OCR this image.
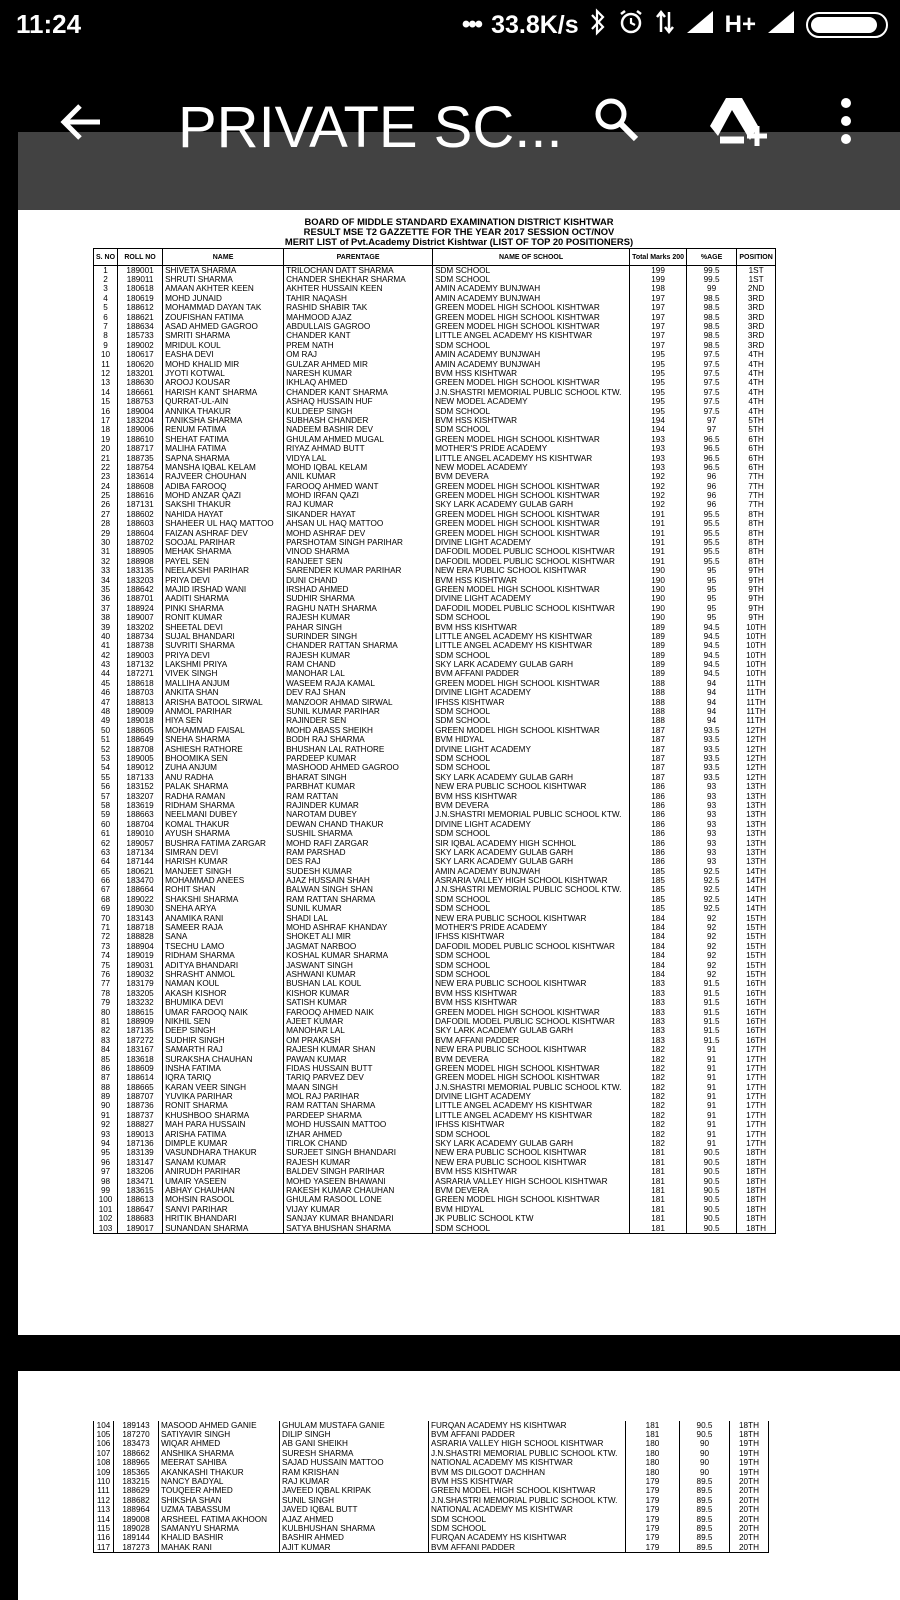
11:24	••• 33.8K/s	H+
PRIVATE SC...
BOARD OF MIDDLE STANDARD EXAMINATION DISTRICT KISHTWAR
RESULT MSE T2 GAZZETTE FOR THE YEAR 2017 SESSION OCT/NOV
MERIT LIST of Pvt.Academy District Kishtwar (LIST OF TOP 20 POSITIONERS)
S. NO	ROLL NO	NAME	PARENTAGE	NAME OF SCHOOL	Total Marks 200	%AGE	POSITION
1	189001	SHIVETA SHARMA	TRILOCHAN DATT SHARMA	SDM SCHOOL	199	99.5	1ST
2	189011	SHRUTI SHARMA	CHANDER SHEKHAR SHARMA	SDM SCHOOL	199	99.5	1ST
3	180618	AMAAN AKHTER KEEN	AKHTER HUSSAIN KEEN	AMIN ACADEMY BUNJWAH	198	99	2ND
4	180619	MOHD JUNAID	TAHIR NAQASH	AMIN ACADEMY BUNJWAH	197	98.5	3RD
5	188612	MOHAMMAD DAYAN TAK	RASHID SHABIR TAK	GREEN MODEL HIGH SCHOOL KISHTWAR	197	98.5	3RD
6	188621	ZOUFISHAN FATIMA	MAHMOOD AJAZ	GREEN MODEL HIGH SCHOOL KISHTWAR	197	98.5	3RD
7	188634	ASAD AHMED GAGROO	ABDULLAIS GAGROO	GREEN MODEL HIGH SCHOOL KISHTWAR	197	98.5	3RD
8	185733	SMRITI SHARMA	CHANDER KANT	LITTLE ANGEL ACADEMY HS KISHTWAR	197	98.5	3RD
9	189002	MRIDUL KOUL	PREM NATH	SDM SCHOOL	197	98.5	3RD
10	180617	EASHA DEVI	OM RAJ	AMIN ACADEMY BUNJWAH	195	97.5	4TH
11	180620	MOHD KHALID MIR	GULZAR AHMED MIR	AMIN ACADEMY BUNJWAH	195	97.5	4TH
12	183201	JYOTI KOTWAL	NARESH KUMAR	BVM HSS KISHTWAR	195	97.5	4TH
13	188630	AROOJ KOUSAR	IKHLAQ AHMED	GREEN MODEL HIGH SCHOOL KISHTWAR	195	97.5	4TH
14	186661	HARISH KANT SHARMA	CHANDER KANT SHARMA	J.N.SHASTRI MEMORIAL PUBLIC SCHOOL KTW.	195	97.5	4TH
15	188753	QURRAT-UL-AIN	ASHAQ HUSSAIN HUF	NEW MODEL ACADEMY	195	97.5	4TH
16	189004	ANNIKA THAKUR	KULDEEP SINGH	SDM SCHOOL	195	97.5	4TH
17	183204	TANIKSHA SHARMA	SUBHASH CHANDER	BVM HSS KISHTWAR	194	97	5TH
18	189006	RENUM FATIMA	NADEEM BASHIR DEV	SDM SCHOOL	194	97	5TH
19	188610	SHEHAT FATIMA	GHULAM AHMED MUGAL	GREEN MODEL HIGH SCHOOL KISHTWAR	193	96.5	6TH
20	188717	MALIHA FATIMA	RIYAZ AHMAD BUTT	MOTHER'S PRIDE ACADEMY	193	96.5	6TH
21	188735	SAPNA SHARMA	VIDYA LAL	LITTLE ANGEL ACADEMY HS KISHTWAR	193	96.5	6TH
22	188754	MANSHA IQBAL KELAM	MOHD IQBAL KELAM	NEW MODEL ACADEMY	193	96.5	6TH
23	183614	RAJVEER CHOUHAN	ANIL KUMAR	BVM DEVERA	192	96	7TH
24	188608	ADIBA FAROOQ	FAROOQ AHMED WANT	GREEN MODEL HIGH SCHOOL KISHTWAR	192	96	7TH
25	188616	MOHD ANZAR QAZI	MOHD IRFAN QAZI	GREEN MODEL HIGH SCHOOL KISHTWAR	192	96	7TH
26	187131	SAKSHI THAKUR	RAJ KUMAR	SKY LARK ACADEMY GULAB GARH	192	96	7TH
27	188602	NAHIDA HAYAT	SIKANDER HAYAT	GREEN MODEL HIGH SCHOOL KISHTWAR	191	95.5	8TH
28	188603	SHAHEER UL HAQ MATTOO	AHSAN UL HAQ MATTOO	GREEN MODEL HIGH SCHOOL KISHTWAR	191	95.5	8TH
29	188604	FAIZAN ASHRAF DEV	MOHD ASHRAF DEV	GREEN MODEL HIGH SCHOOL KISHTWAR	191	95.5	8TH
30	188702	SOOJAL PARIHAR	PARSHOTAM SINGH PARIHAR	DIVINE LIGHT ACADEMY	191	95.5	8TH
31	188905	MEHAK SHARMA	VINOD SHARMA	DAFODIL MODEL PUBLIC SCHOOL KISHTWAR	191	95.5	8TH
32	188908	PAYEL SEN	RANJEET SEN	DAFODIL MODEL PUBLIC SCHOOL KISHTWAR	191	95.5	8TH
33	183135	NEELAKSHI PARIHAR	SARENDER KUMAR PARIHAR	NEW ERA PUBLIC SCHOOL KISHTWAR	190	95	9TH
34	183203	PRIYA DEVI	DUNI CHAND	BVM HSS KISHTWAR	190	95	9TH
35	188642	MAJID IRSHAD WANI	IRSHAD AHMED	GREEN MODEL HIGH SCHOOL KISHTWAR	190	95	9TH
36	188701	AADITI SHARMA	SUDHIR SHARMA	DIVINE LIGHT ACADEMY	190	95	9TH
37	188924	PINKI SHARMA	RAGHU NATH SHARMA	DAFODIL MODEL PUBLIC SCHOOL KISHTWAR	190	95	9TH
38	189007	RONIT KUMAR	RAJESH KUMAR	SDM SCHOOL	190	95	9TH
39	183202	SHEETAL DEVI	PAHAR SINGH	BVM HSS KISHTWAR	189	94.5	10TH
40	188734	SUJAL BHANDARI	SURINDER SINGH	LITTLE ANGEL ACADEMY HS KISHTWAR	189	94.5	10TH
41	188738	SUVRITI SHARMA	CHANDER RATTAN SHARMA	LITTLE ANGEL ACADEMY HS KISHTWAR	189	94.5	10TH
42	189003	PRIYA DEVI	RAJESH KUMAR	SDM SCHOOL	189	94.5	10TH
43	187132	LAKSHMI PRIYA	RAM CHAND	SKY LARK ACADEMY GULAB GARH	189	94.5	10TH
44	187271	VIVEK SINGH	MANOHAR LAL	BVM AFFANI PADDER	189	94.5	10TH
45	188618	MALLIHA ANJUM	WASEEM RAJA KAMAL	GREEN MODEL HIGH SCHOOL KISHTWAR	188	94	11TH
46	188703	ANKITA SHAN	DEV RAJ SHAN	DIVINE LIGHT ACADEMY	188	94	11TH
47	188813	ARISHA BATOOL SIRWAL	MANZOOR AHMAD SIRWAL	IFHSS KISHTWAR	188	94	11TH
48	189009	ANMOL PARIHAR	SUNIL KUMAR PARIHAR	SDM SCHOOL	188	94	11TH
49	189018	HIYA SEN	RAJINDER SEN	SDM SCHOOL	188	94	11TH
50	188605	MOHAMMAD FAISAL	MOHD ABASS SHEIKH	GREEN MODEL HIGH SCHOOL KISHTWAR	187	93.5	12TH
51	188649	SNEHA SHARMA	BODH RAJ SHARMA	BVM HIDYAL	187	93.5	12TH
52	188708	ASHIESH RATHORE	BHUSHAN LAL RATHORE	DIVINE LIGHT ACADEMY	187	93.5	12TH
53	189005	BHOOMIKA SEN	PARDEEP KUMAR	SDM SCHOOL	187	93.5	12TH
54	189012	ZUHA ANJUM	MASHOOD AHMED GAGROO	SDM SCHOOL	187	93.5	12TH
55	187133	ANU RADHA	BHARAT SINGH	SKY LARK ACADEMY GULAB GARH	187	93.5	12TH
56	183152	PALAK SHARMA	PARBHAT KUMAR	NEW ERA PUBLIC SCHOOL KISHTWAR	186	93	13TH
57	183207	RADHA RAMAN	RAM RATTAN	BVM HSS KISHTWAR	186	93	13TH
58	183619	RIDHAM SHARMA	RAJINDER KUMAR	BVM DEVERA	186	93	13TH
59	188663	NEELMANI DUBEY	NAROTAM DUBEY	J.N.SHASTRI MEMORIAL PUBLIC SCHOOL KTW.	186	93	13TH
60	188704	KOMAL THAKUR	DEWAN CHAND THAKUR	DIVINE LIGHT ACADEMY	186	93	13TH
61	189010	AYUSH SHARMA	SUSHIL SHARMA	SDM SCHOOL	186	93	13TH
62	189057	BUSHRA FATIMA ZARGAR	MOHD RAFI ZARGAR	SIR IQBAL ACADEMY HIGH SCHHOL	186	93	13TH
63	187134	SIMRAN DEVI	RAM PARSHAD	SKY LARK ACADEMY GULAB GARH	186	93	13TH
64	187144	HARISH KUMAR	DES RAJ	SKY LARK ACADEMY GULAB GARH	186	93	13TH
65	180621	MANJEET SINGH	SUDESH KUMAR	AMIN ACADEMY BUNJWAH	185	92.5	14TH
66	183470	MOHAMMAD ANEES	AJAZ HUSSAIN SHAH	ASRARIA VALLEY HIGH SCHOOL KISHTWAR	185	92.5	14TH
67	188664	ROHIT SHAN	BALWAN SINGH SHAN	J.N.SHASTRI MEMORIAL PUBLIC SCHOOL KTW.	185	92.5	14TH
68	189022	SHAKSHI SHARMA	RAM RATTAN SHARMA	SDM SCHOOL	185	92.5	14TH
69	189030	SNEHA ARYA	SUNIL KUMAR	SDM SCHOOL	185	92.5	14TH
70	183143	ANAMIKA RANI	SHADI LAL	NEW ERA PUBLIC SCHOOL KISHTWAR	184	92	15TH
71	188718	SAMEER RAJA	MOHD ASHRAF KHANDAY	MOTHER'S PRIDE ACADEMY	184	92	15TH
72	188828	SANA	SHOKET ALI MIR	IFHSS KISHTWAR	184	92	15TH
73	188904	TSECHU LAMO	JAGMAT NARBOO	DAFODIL MODEL PUBLIC SCHOOL KISHTWAR	184	92	15TH
74	189019	RIDHAM SHARMA	KOSHAL KUMAR SHARMA	SDM SCHOOL	184	92	15TH
75	189031	ADITYA BHANDARI	JASWANT SINGH	SDM SCHOOL	184	92	15TH
76	189032	SHRASHT ANMOL	ASHWANI KUMAR	SDM SCHOOL	184	92	15TH
77	183179	NAMAN KOUL	BUSHAN LAL KOUL	NEW ERA PUBLIC SCHOOL KISHTWAR	183	91.5	16TH
78	183205	AKASH KISHOR	KISHOR KUMAR	BVM HSS KISHTWAR	183	91.5	16TH
79	183232	BHUMIKA DEVI	SATISH KUMAR	BVM HSS KISHTWAR	183	91.5	16TH
80	188615	UMAR FAROOQ NAIK	FAROOQ AHMED NAIK	GREEN MODEL HIGH SCHOOL KISHTWAR	183	91.5	16TH
81	188909	NIKHIL SEN	AJEET KUMAR	DAFODIL MODEL PUBLIC SCHOOL KISHTWAR	183	91.5	16TH
82	187135	DEEP SINGH	MANOHAR LAL	SKY LARK ACADEMY GULAB GARH	183	91.5	16TH
83	187272	SUDHIR SINGH	OM PRAKASH	BVM AFFANI PADDER	183	91.5	16TH
84	183167	SAMARTH RAJ	RAJESH KUMAR SHAN	NEW ERA PUBLIC SCHOOL KISHTWAR	182	91	17TH
85	183618	SURAKSHA CHAUHAN	PAWAN KUMAR	BVM DEVERA	182	91	17TH
86	188609	INSHA FATIMA	FIDAS HUSSAIN BUTT	GREEN MODEL HIGH SCHOOL KISHTWAR	182	91	17TH
87	188614	IQRA TARIQ	TARIQ PARVEZ DEV	GREEN MODEL HIGH SCHOOL KISHTWAR	182	91	17TH
88	188665	KARAN VEER SINGH	MAAN SINGH	J.N.SHASTRI MEMORIAL PUBLIC SCHOOL KTW.	182	91	17TH
89	188707	YUVIKA PARIHAR	MOL RAJ PARIHAR	DIVINE LIGHT ACADEMY	182	91	17TH
90	188736	RONIT SHARMA	RAM RATTAN SHARMA	LITTLE ANGEL ACADEMY HS KISHTWAR	182	91	17TH
91	188737	KHUSHBOO SHARMA	PARDEEP SHARMA	LITTLE ANGEL ACADEMY HS KISHTWAR	182	91	17TH
92	188827	MAH PARA HUSSAIN	MOHD HUSSAIN MATTOO	IFHSS KISHTWAR	182	91	17TH
93	189013	ARISHA FATIMA	IZHAR AHMED	SDM SCHOOL	182	91	17TH
94	187136	DIMPLE KUMAR	TIRLOK CHAND	SKY LARK ACADEMY GULAB GARH	182	91	17TH
95	183139	VASUNDHARA THAKUR	SURJEET SINGH BHANDARI	NEW ERA PUBLIC SCHOOL KISHTWAR	181	90.5	18TH
96	183147	SANAM KUMAR	RAJESH KUMAR	NEW ERA PUBLIC SCHOOL KISHTWAR	181	90.5	18TH
97	183206	ANIRUDH PARIHAR	BALDEV SINGH PARIHAR	BVM HSS KISHTWAR	181	90.5	18TH
98	183471	UMAIR YASEEN	MOHD YASEEN BHAWANI	ASRARIA VALLEY HIGH SCHOOL KISHTWAR	181	90.5	18TH
99	183615	ABHAY CHAUHAN	RAKESH KUMAR CHAUHAN	BVM DEVERA	181	90.5	18TH
100	188613	MOHSIN RASOOL	GHULAM RASOOL LONE	GREEN MODEL HIGH SCHOOL KISHTWAR	181	90.5	18TH
101	188647	SANVI PARIHAR	VIJAY KUMAR	BVM HIDYAL	181	90.5	18TH
102	188683	HRITIK BHANDARI	SANJAY KUMAR BHANDARI	JK PUBLIC SCHOOL KTW	181	90.5	18TH
103	189017	SUNANDAN SHARMA	SATYA BHUSHAN SHARMA	SDM SCHOOL	181	90.5	18TH
104	189143	MASOOD AHMED GANIE	GHULAM MUSTAFA GANIE	FURQAN ACADEMY HS KISHTWAR	181	90.5	18TH
105	187270	SATIYAVIR SINGH	DILIP SINGH	BVM AFFANI PADDER	181	90.5	18TH
106	183473	WIQAR AHMED	AB GANI SHEIKH	ASRARIA VALLEY HIGH SCHOOL KISHTWAR	180	90	19TH
107	188662	ANSHIKA SHARMA	SURESH SHARMA	J.N.SHASTRI MEMORIAL PUBLIC SCHOOL KTW.	180	90	19TH
108	188965	MEERAT SAHIBA	SAJAD HUSSAIN MATTOO	NATIONAL ACADEMY MS KISHTWAR	180	90	19TH
109	185365	AKANKASHI THAKUR	RAM KRISHAN	BVM MS DILGOOT DACHHAN	180	90	19TH
110	183215	NANCY BADYAL	RAJ KUMAR	BVM HSS KISHTWAR	179	89.5	20TH
111	188629	TOUQEER AHMED	JAVEED IQBAL KRIPAK	GREEN MODEL HIGH SCHOOL KISHTWAR	179	89.5	20TH
112	188682	SHIKSHA SHAN	SUNIL SINGH	J.N.SHASTRI MEMORIAL PUBLIC SCHOOL KTW.	179	89.5	20TH
113	188964	UZMA TABASSUM	JAVED IQBAL BUTT	NATIONAL ACADEMY MS KISHTWAR	179	89.5	20TH
114	189008	ARSHEEL FATIMA AKHOON	AJAZ AHMED	SDM SCHOOL	179	89.5	20TH
115	189028	SAMANYU SHARMA	KULBHUSHAN SHARMA	SDM SCHOOL	179	89.5	20TH
116	189144	KHALID BASHIR	BASHIR AHMED	FURQAN ACADEMY HS KISHTWAR	179	89.5	20TH
117	187273	MAHAK RANI	AJIT KUMAR	BVM AFFANI PADDER	179	89.5	20TH
